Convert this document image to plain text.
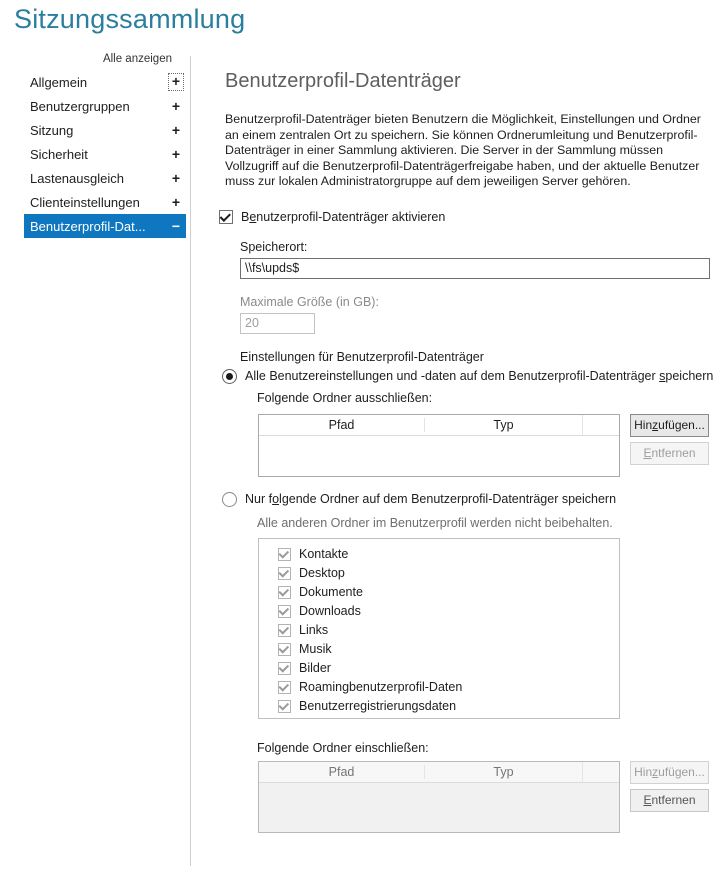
Sitzungssammlung
Alle anzeigen
Allgemein	+
Benutzergruppen	+
Sitzung	+
Sicherheit	+
Lastenausgleich	+
Clienteinstellungen +
Benutzerprofil-Dat... −
Benutzerprofil-Datenträger

Benutzerprofil-Datenträger bieten Benutzern die Möglichkeit, Einstellungen und Ordner an einem zentralen Ort zu speichern. Sie können Ordnerumleitung und Benutzerprofil-Datenträger in einer Sammlung aktivieren. Die Server in der Sammlung müssen Vollzugriff auf die Benutzerprofil-Datenträgerfreigabe haben, und der aktuelle Benutzer muss zur lokalen Administratorgruppe auf dem jeweiligen Server gehören.

Benutzerprofil-Datenträger aktivieren
Speicherort:
\\fs\upds$
Maximale Größe (in GB):
20
Einstellungen für Benutzerprofil-Datenträger
Alle Benutzereinstellungen und -daten auf dem Benutzerprofil-Datenträger speichern
Folgende Ordner ausschließen:
Pfad	Typ	Hinzufügen...
Entfernen
Nur folgende Ordner auf dem Benutzerprofil-Datenträger speichern
Alle anderen Ordner im Benutzerprofil werden nicht beibehalten.
Kontakte
Desktop
Dokumente
Downloads
Links
Musik
Bilder
Roamingbenutzerprofil-Daten
Benutzerregistrierungsdaten
Folgende Ordner einschließen:
Pfad	Typ	Hinzufügen...
Entfernen
